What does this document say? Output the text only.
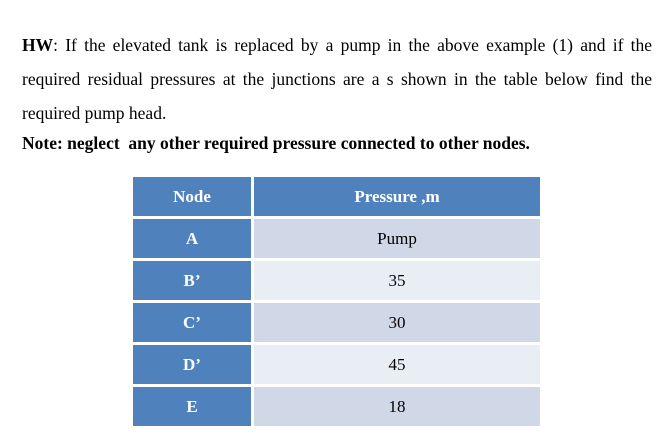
HW: If the elevated tank is replaced by a pump in the above example (1) and if the required residual pressures at the junctions are a s shown in the table below find the required pump head.
Note: neglect  any other required pressure connected to other nodes.
Node	Pressure ,m
A	Pump
B’	35
C’	30
D’	45
E	18
